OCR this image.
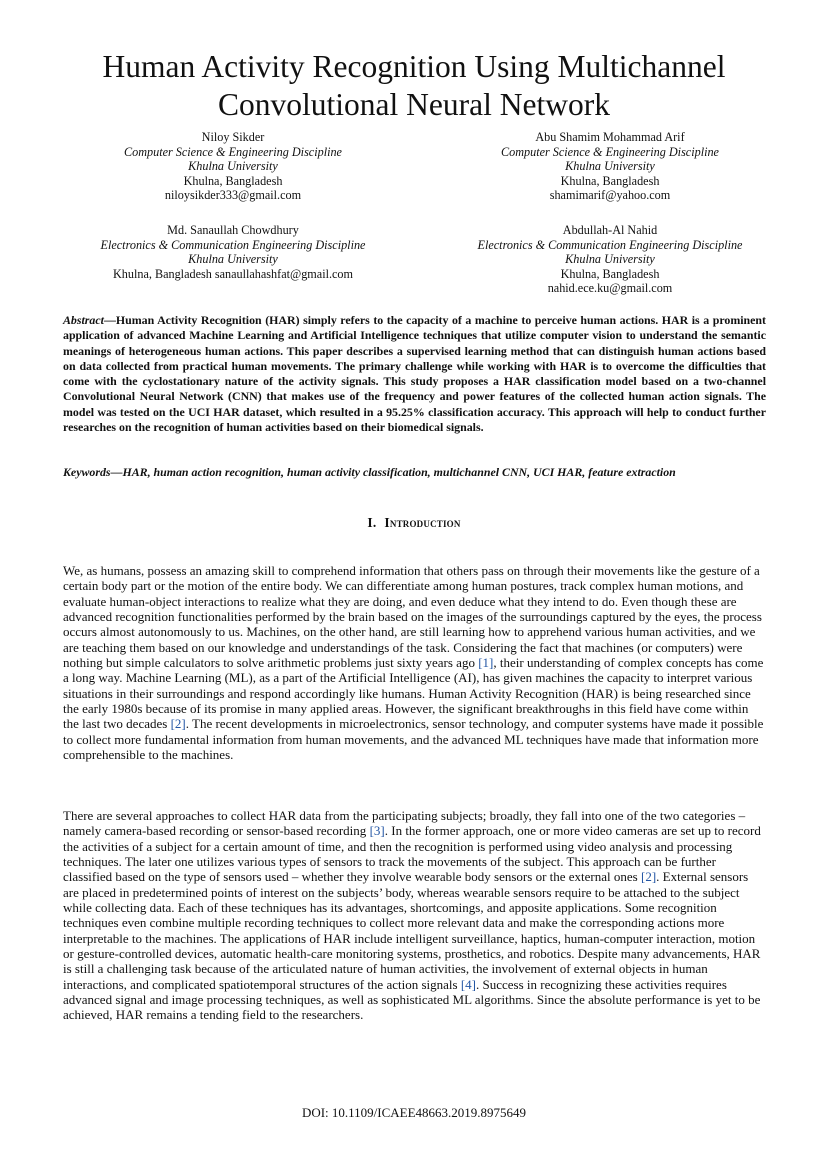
Human Activity Recognition Using Multichannel
Convolutional Neural Network
Niloy Sikder
Computer Science & Engineering Discipline
Khulna University
Khulna, Bangladesh
niloysikder333@gmail.com
Abu Shamim Mohammad Arif
Computer Science & Engineering Discipline
Khulna University
Khulna, Bangladesh
shamimarif@yahoo.com
Md. Sanaullah Chowdhury
Electronics & Communication Engineering Discipline
Khulna University
Khulna, Bangladesh sanaullahashfat@gmail.com
Abdullah-Al Nahid
Electronics & Communication Engineering Discipline
Khulna University
Khulna, Bangladesh
nahid.ece.ku@gmail.com

Abstract—Human Activity Recognition (HAR) simply refers to the capacity of a machine to perceive human actions. HAR is a prominent application of advanced Machine Learning and Artificial Intelligence techniques that utilize computer vision to understand the semantic meanings of heterogeneous human actions. This paper describes a supervised learning method that can distinguish human actions based on data collected from practical human movements. The primary challenge while working with HAR is to overcome the difficulties that come with the cyclostationary nature of the activity signals. This study proposes a HAR classification model based on a two-channel Convolutional Neural Network (CNN) that makes use of the frequency and power features of the collected human action signals. The model was tested on the UCI HAR dataset, which resulted in a 95.25% classification accuracy. This approach will help to conduct further researches on the recognition of human activities based on their biomedical signals.

Keywords—HAR, human action recognition, human activity classification, multichannel CNN, UCI HAR, feature extraction

I. Introduction

We, as humans, possess an amazing skill to comprehend information that others pass on through their movements like the gesture of a certain body part or the motion of the entire body. We can differentiate among human postures, track complex human motions, and evaluate human-object interactions to realize what they are doing, and even deduce what they intend to do. Even though these are advanced recognition functionalities performed by the brain based on the images of the surroundings captured by the eyes, the process occurs almost autonomously to us. Machines, on the other hand, are still learning how to apprehend various human activities, and we are teaching them based on our knowledge and understandings of the task. Considering the fact that machines (or computers) were nothing but simple calculators to solve arithmetic problems just sixty years ago [1], their understanding of complex concepts has come a long way. Machine Learning (ML), as a part of the Artificial Intelligence (AI), has given machines the capacity to interpret various situations in their surroundings and respond accordingly like humans. Human Activity Recognition (HAR) is being researched since the early 1980s because of its promise in many applied areas. However, the significant breakthroughs in this field have come within the last two decades [2]. The recent developments in microelectronics, sensor technology, and computer systems have made it possible to collect more fundamental information from human movements, and the advanced ML techniques have made that information more comprehensible to the machines.

There are several approaches to collect HAR data from the participating subjects; broadly, they fall into one of the two categories – namely camera-based recording or sensor-based recording [3]. In the former approach, one or more video cameras are set up to record the activities of a subject for a certain amount of time, and then the recognition is performed using video analysis and processing techniques. The later one utilizes various types of sensors to track the movements of the subject. This approach can be further classified based on the type of sensors used – whether they involve wearable body sensors or the external ones [2]. External sensors are placed in predetermined points of interest on the subjects’ body, whereas wearable sensors require to be attached to the subject while collecting data. Each of these techniques has its advantages, shortcomings, and apposite applications. Some recognition techniques even combine multiple recording techniques to collect more relevant data and make the corresponding actions more interpretable to the machines. The applications of HAR include intelligent surveillance, haptics, human-computer interaction, motion or gesture-controlled devices, automatic health-care monitoring systems, prosthetics, and robotics. Despite many advancements, HAR is still a challenging task because of the articulated nature of human activities, the involvement of external objects in human interactions, and complicated spatiotemporal structures of the action signals [4]. Success in recognizing these activities requires advanced signal and image processing techniques, as well as sophisticated ML algorithms. Since the absolute performance is yet to be achieved, HAR remains a tending field to the researchers.

DOI: 10.1109/ICAEE48663.2019.8975649
